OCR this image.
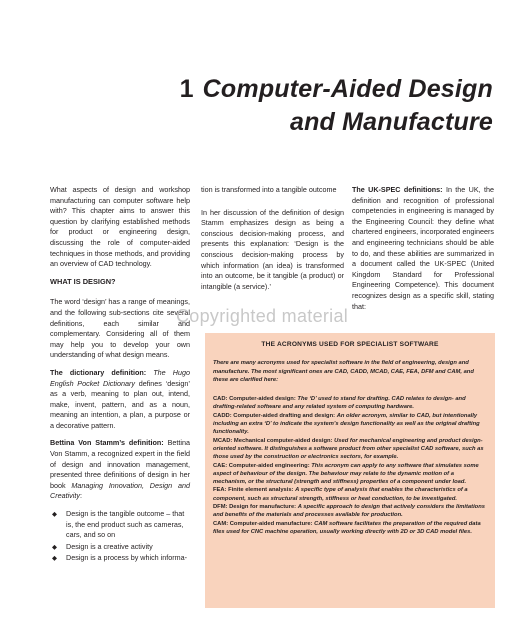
1 Computer-Aided Design
and Manufacture

What aspects of design and workshop manufacturing can computer software help with? This chapter aims to answer this question by clarifying established methods for product or engineering design, discussing the role of computer-aided techniques in those methods, and providing an overview of CAD technology.

WHAT IS DESIGN?

The word ‘design’ has a range of meanings, and the following sub-sections cite several definitions, each similar and complementary. Considering all of them may help you to develop your own understanding of what design means.

The dictionary definition: The Hugo English Pocket Dictionary defines ‘design’ as a verb, meaning to plan out, intend, make, invent, pattern, and as a noun, meaning an intention, a plan, a purpose or a decorative pattern.

Bettina Von Stamm’s definition: Bettina Von Stamm, a recognized expert in the field of design and innovation management, presented three definitions of design in her book Managing Innovation, Design and Creativity:

◆ Design is the tangible outcome – that is, the end product such as cameras, cars, and so on
◆ Design is a creative activity
◆ Design is a process by which informa-

tion is transformed into a tangible outcome

In her discussion of the definition of design Stamm emphasizes design as being a conscious decision-making process, and presents this explanation: ‘Design is the conscious decision-making process by which information (an idea) is transformed into an outcome, be it tangible (a product) or intangible (a service).’

The UK-SPEC definitions: In the UK, the definition and recognition of professional competencies in engineering is managed by the Engineering Council: they define what chartered engineers, incorporated engineers and engineering technicians should be able to do, and these abilities are summarized in a document called the UK-SPEC (United Kingdom Standard for Professional Engineering Competence). This document recognizes design as a specific skill, stating that:

Copyrighted material
THE ACRONYMS USED FOR SPECIALIST SOFTWARE
There are many acronyms used for specialist software in the field of engineering, design and manufacture. The most significant ones are CAD, CADD, MCAD, CAE, FEA, DFM and CAM, and these are clarified here:

CAD: Computer-aided design: The ‘D’ used to stand for drafting. CAD relates to design- and drafting-related software and any related system of computing hardware.

CADD: Computer-aided drafting and design: An older acronym, similar to CAD, but intentionally including an extra ‘D’ to indicate the system’s design functionality as well as the original drafting functionality.

MCAD: Mechanical computer-aided design: Used for mechanical engineering and product design-oriented software. It distinguishes a software product from other specialist CAD software, such as those used by the construction or electronics sectors, for example.

CAE: Computer-aided engineering: This acronym can apply to any software that simulates some aspect of behaviour of the design. The behaviour may relate to the dynamic motion of a mechanism, or the structural (strength and stiffness) properties of a component under load.

FEA: Finite element analysis: A specific type of analysis that enables the characteristics of a component, such as structural strength, stiffness or heat conduction, to be investigated.

DFM: Design for manufacture: A specific approach to design that actively considers the limitations and benefits of the materials and processes available for production.

CAM: Computer-aided manufacture: CAM software facilitates the preparation of the required data files used for CNC machine operation, usually working directly with 2D or 3D CAD model files.
